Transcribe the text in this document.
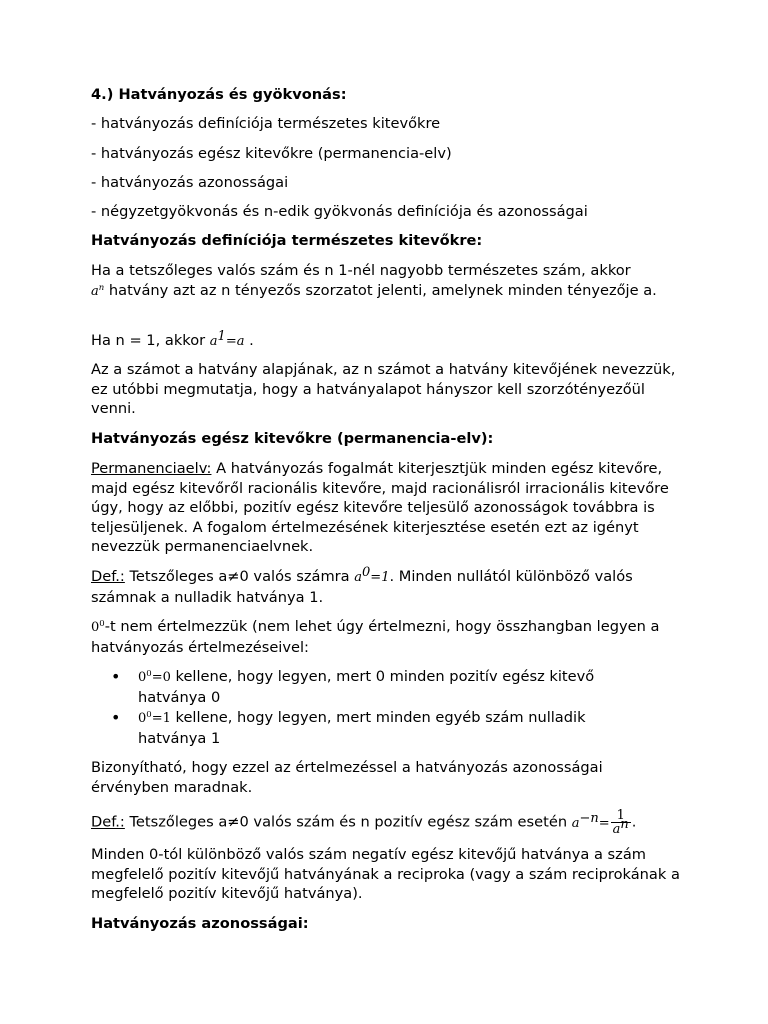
4.) Hatványozás és gyökvonás:

- hatványozás definíciója természetes kitevőkre

- hatványozás egész kitevőkre (permanencia-elv)

- hatványozás azonosságai

- négyzetgyökvonás és n-edik gyökvonás definíciója és azonosságai

Hatványozás definíciója természetes kitevőkre:

Ha a tetszőleges valós szám és n 1-nél nagyobb természetes szám, akkor
$a^n$ hatvány azt az n tényezős szorzatot jelenti, amelynek minden tényezője a.

Ha n = 1, akkor $a^1=a$ .

Az a számot a hatvány alapjának, az n számot a hatvány kitevőjének nevezzük, ez utóbbi megmutatja, hogy a hatványalapot hányszor kell szorzótényezőül venni.

Hatványozás egész kitevőkre (permanencia-elv):

Permanenciaelv: A hatványozás fogalmát kiterjesztjük minden egész kitevőre, majd egész kitevőről racionális kitevőre, majd racionálisról irracionális kitevőre úgy, hogy az előbbi, pozitív egész kitevőre teljesülő azonosságok továbbra is teljesüljenek. A fogalom értelmezésének kiterjesztése esetén ezt az igényt nevezzük permanenciaelvnek.

Def.: Tetszőleges a≠0 valós számra $a^0=1$. Minden nullától különböző valós számnak a nulladik hatványa 1.

$0^0-t$ nem értelmezzük (nem lehet úgy értelmezni, hogy összhangban legyen a hatványozás értelmezéseivel:

• $0^0=0$ kellene, hogy legyen, mert 0 minden pozitív egész kitevő hatványa 0
• $0^0=1$ kellene, hogy legyen, mert minden egyéb szám nulladik hatványa 1

Bizonyítható, hogy ezzel az értelmezéssel a hatványozás azonosságai érvényben maradnak.

Def.: Tetszőleges a≠0 valós szám és n pozitív egész szám esetén $a^{-n}= \frac{1}{a^n}$ .

Minden 0-tól különböző valós szám negatív egész kitevőjű hatványa a szám megfelelő pozitív kitevőjű hatványának a reciproka (vagy a szám reciprokának a megfelelő pozitív kitevőjű hatványa).

Hatványozás azonosságai:
